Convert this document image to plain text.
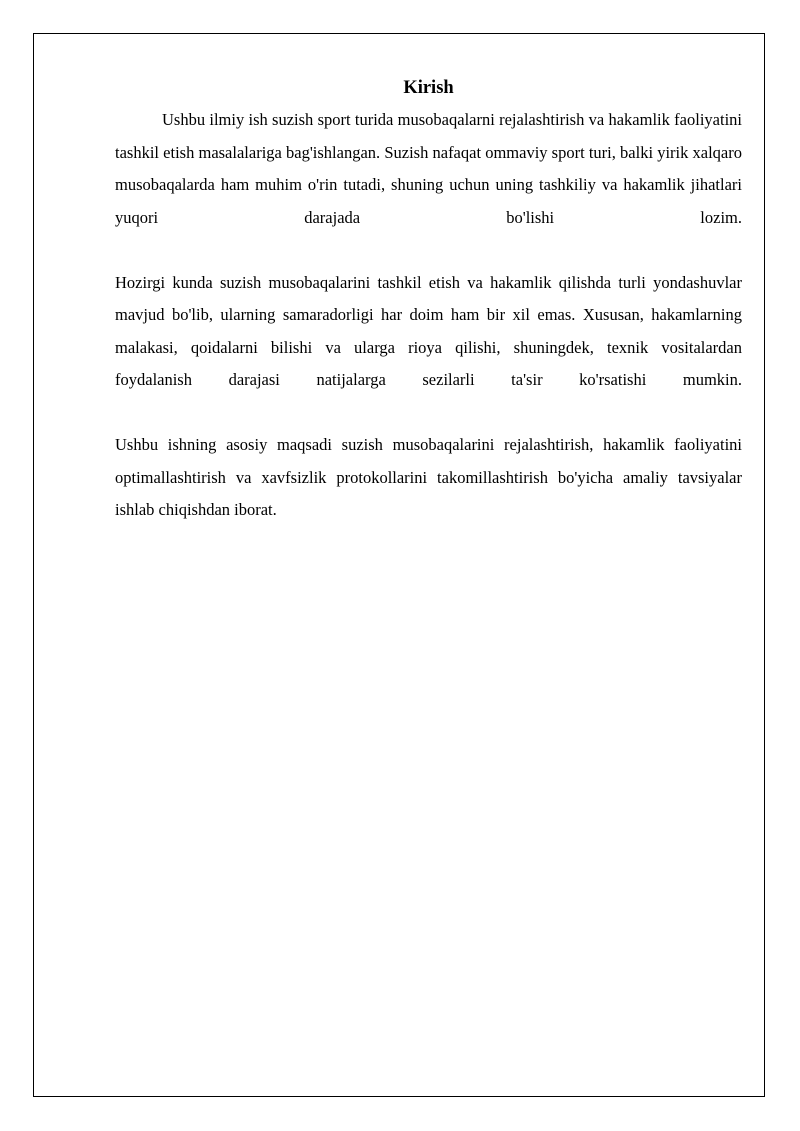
Kirish

Ushbu ilmiy ish suzish sport turida musobaqalarni rejalashtirish va hakamlik faoliyatini tashkil etish masalalariga bag'ishlangan. Suzish nafaqat ommaviy sport turi, balki yirik xalqaro musobaqalarda ham muhim o'rin tutadi, shuning uchun uning tashkiliy va hakamlik jihatlari yuqori darajada bo'lishi lozim.

Hozirgi kunda suzish musobaqalarini tashkil etish va hakamlik qilishda turli yondashuvlar mavjud bo'lib, ularning samaradorligi har doim ham bir xil emas. Xususan, hakamlarning malakasi, qoidalarni bilishi va ularga rioya qilishi, shuningdek, texnik vositalardan foydalanish darajasi natijalarga sezilarli ta'sir ko'rsatishi mumkin.

Ushbu ishning asosiy maqsadi suzish musobaqalarini rejalashtirish, hakamlik faoliyatini optimallashtirish va xavfsizlik protokollarini takomillashtirish bo'yicha amaliy tavsiyalar ishlab chiqishdan iborat.
